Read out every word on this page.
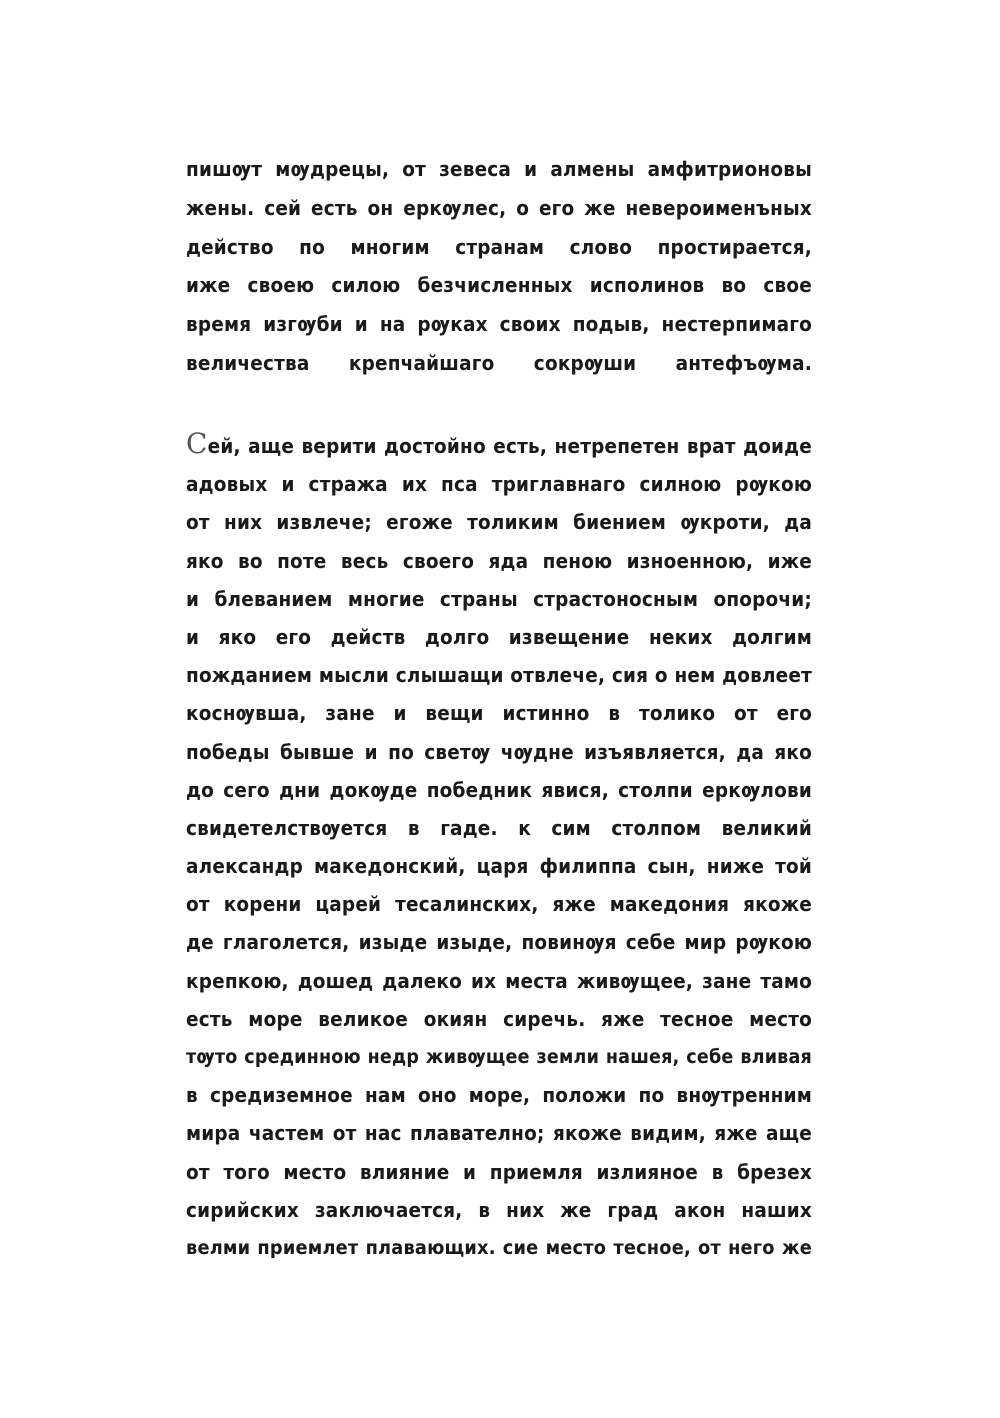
пишѹт мѹдрецы, от зевеса и алмены амфитрионовы
жены. сей есть он еркѹлес, о его же невероименъных
действо по многим странам слово простирается,
иже своею силою безчисленных исполинов во свое
время изгѹби и на рѹках своих подыв, нестерпимаго
величества крепчайшаго сокрѹши антефъѹма.
Сей, аще верити достойно есть, нетрепетен врат доиде
адовых и стража их пса триглавнаго силною рѹкою
от них извлече; егоже толиким биением ѹкроти, да
яко во поте весь своего яда пеною изноенною, иже
и блеванием многие страны страстоносным опорочи;
и яко его действ долго извещение неких долгим
пожданием мысли слышащи отвлече, сия о нем довлеет
коснѹвша, зане и вещи истинно в толико от его
победы бывше и по светѹ чѹдне изъявляется, да яко
до сего дни докѹде победник явися, столпи еркѹлови
свидетелствѹется в гаде. к сим столпом великий
александр македонский, царя филиппа сын, ниже той
от корени царей тесалинских, яже македония якоже
де глаголется, изыде изыде, повинѹя себе мир рѹкою
крепкою, дошед далеко их места живѹщее, зане тамо
есть море великое окиян сиречь. яже тесное место
тѹто срединною недр живѹщее земли нашея, себе вливая
в средиземное нам оно море, положи по внѹтренним
мира частем от нас плавателно; якоже видим, яже аще
от того место влияние и приемля излияное в брезех
сирийских заключается, в них же град акон наших
велми приемлет плавающих. сие место тесное, от него же
